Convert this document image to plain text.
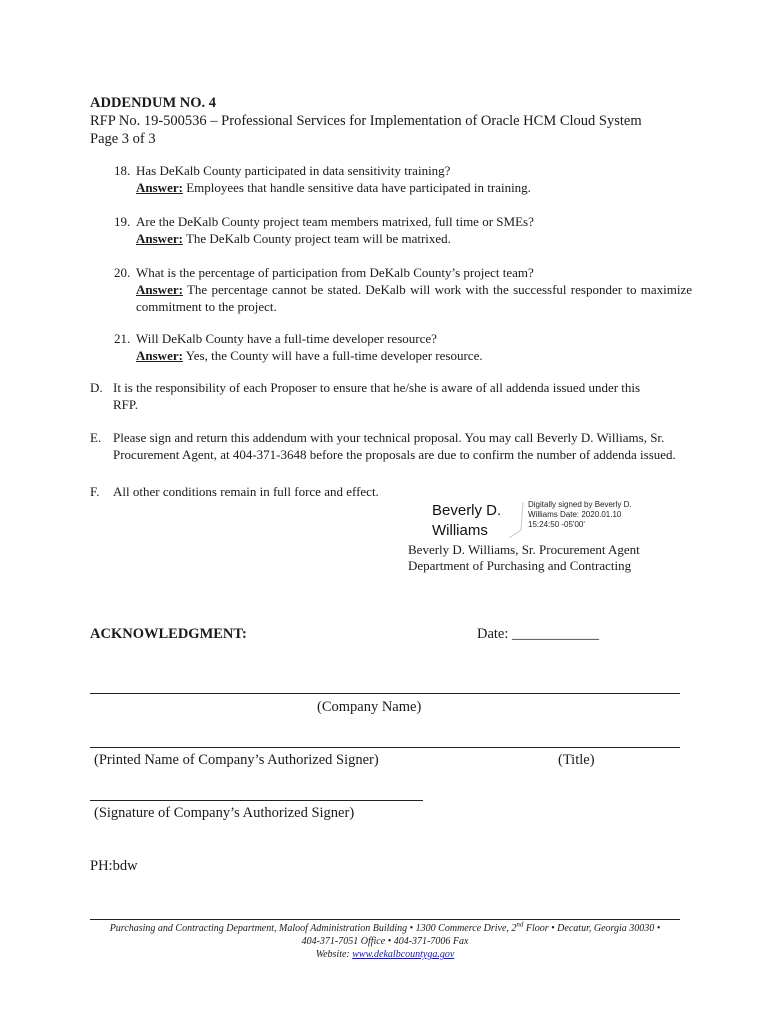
ADDENDUM NO. 4
RFP No. 19-500536 – Professional Services for Implementation of Oracle HCM Cloud System
Page 3 of 3
18. Has DeKalb County participated in data sensitivity training?
Answer: Employees that handle sensitive data have participated in training.
19. Are the DeKalb County project team members matrixed, full time or SMEs?
Answer: The DeKalb County project team will be matrixed.
20. What is the percentage of participation from DeKalb County’s project team?
Answer: The percentage cannot be stated. DeKalb will work with the successful responder to maximize commitment to the project.
21. Will DeKalb County have a full-time developer resource?
Answer: Yes, the County will have a full-time developer resource.
D. It is the responsibility of each Proposer to ensure that he/she is aware of all addenda issued under this RFP.
E. Please sign and return this addendum with your technical proposal. You may call Beverly D. Williams, Sr. Procurement Agent, at 404-371-3648 before the proposals are due to confirm the number of addenda issued.
F. All other conditions remain in full force and effect.
Beverly D.
Williams
Digitally signed by Beverly D. Williams Date: 2020.01.10 15:24:50 -05'00'
Beverly D. Williams, Sr. Procurement Agent
Department of Purchasing and Contracting
ACKNOWLEDGMENT:	Date: ____________
(Company Name)
(Printed Name of Company’s Authorized Signer)	(Title)
(Signature of Company’s Authorized Signer)
PH:bdw
Purchasing and Contracting Department, Maloof Administration Building • 1300 Commerce Drive, 2nd Floor • Decatur, Georgia 30030 •
404-371-7051 Office • 404-371-7006 Fax
Website: www.dekalbcountyga.gov
